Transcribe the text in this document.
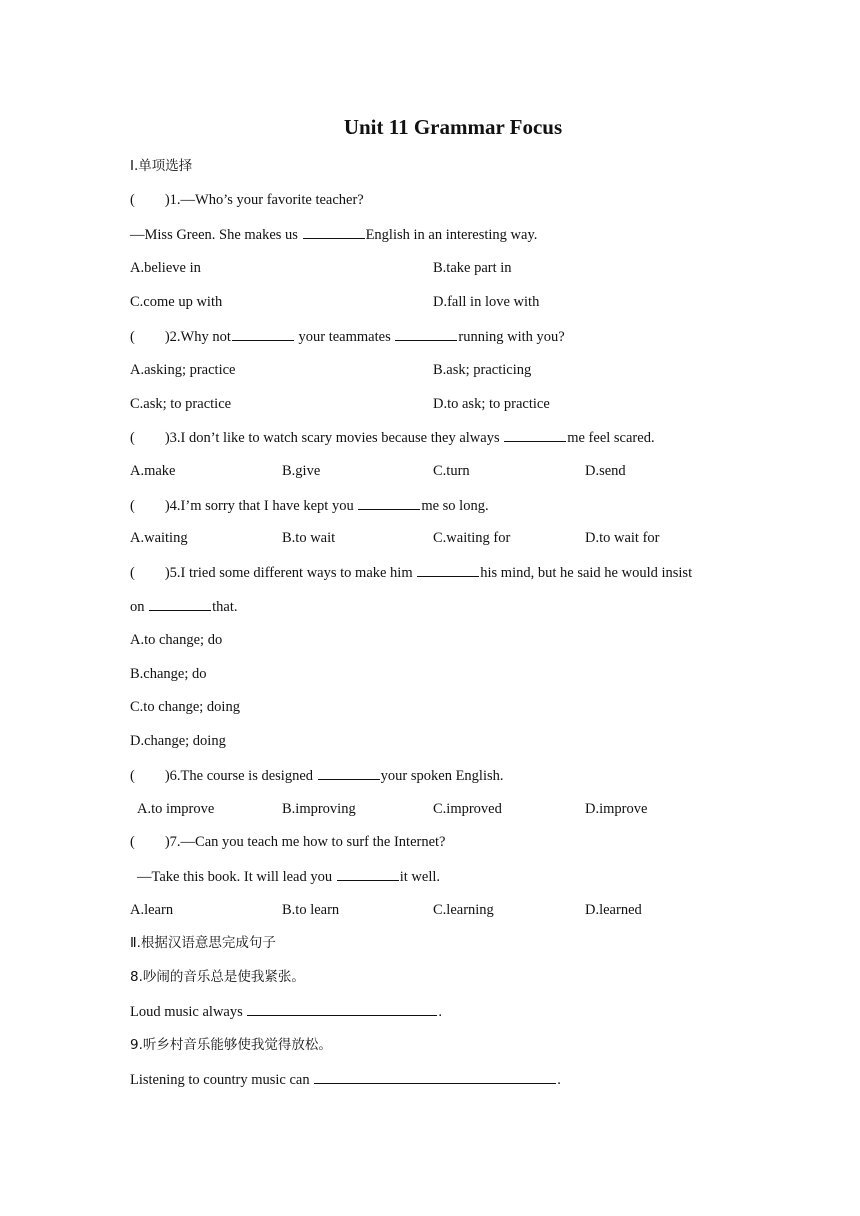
Unit 11 Grammar Focus
Ⅰ.单项选择
( )1.—Who’s your favorite teacher?
—Miss Green. She makes us	English in an interesting way.
A.believe in	B.take part in
C.come up with	D.fall in love with
( )2.Why not	your teammates	running with you?
A.asking; practice	B.ask; practicing
C.ask; to practice	D.to ask; to practice
( )3.I don’t like to watch scary movies because they always	me feel scared.
A.make	B.give	C.turn	D.send
( )4.I’m sorry that I have kept you	me so long.
A.waiting	B.to wait	C.waiting for	D.to wait for
( )5.I tried some different ways to make him	his mind, but he said he would insist
on	that.
A.to change; do
B.change; do
C.to change; doing
D.change; doing
( )6.The course is designed	your spoken English.
A.to improve	B.improving	C.improved	D.improve
( )7.—Can you teach me how to surf the Internet?
—Take this book. It will lead you	it well.
A.learn	B.to learn	C.learning	D.learned
Ⅱ.根据汉语意思完成句子
8.吵闹的音乐总是使我紧张。
Loud music always	.
9.听乡村音乐能够使我觉得放松。
Listening to country music can	.
